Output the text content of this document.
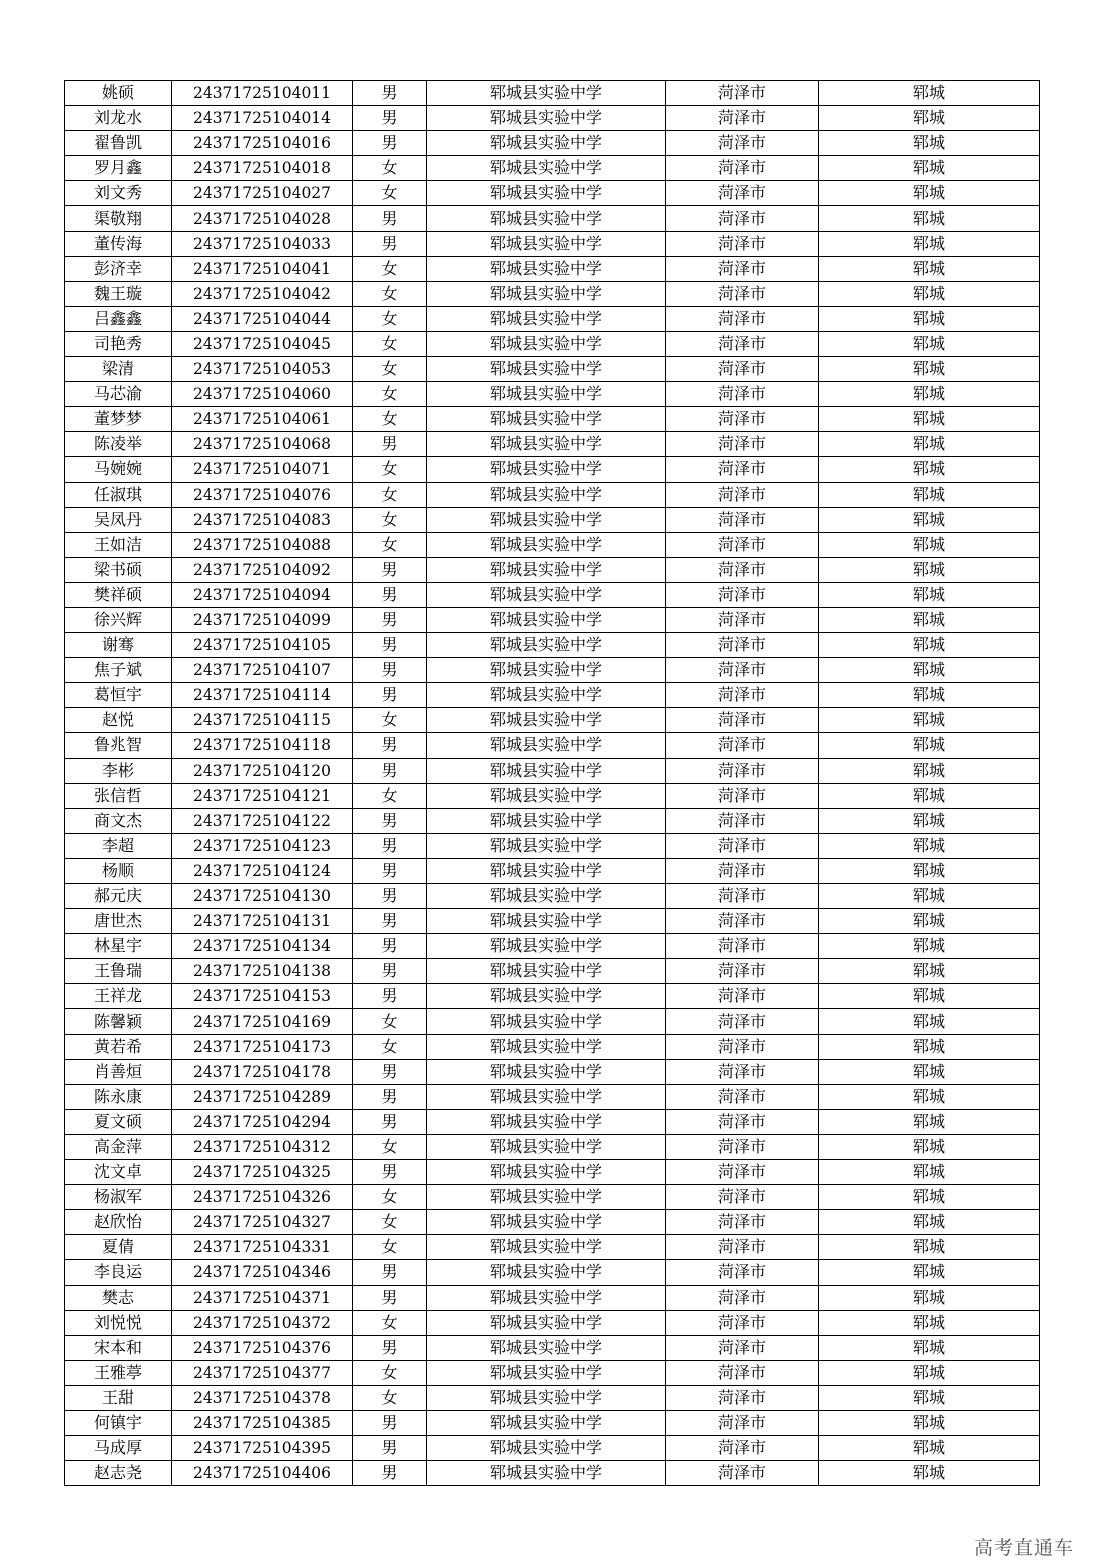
姚硕	24371725104011	男	郓城县实验中学	菏泽市	郓城
刘龙水	24371725104014	男	郓城县实验中学	菏泽市	郓城
翟鲁凯	24371725104016	男	郓城县实验中学	菏泽市	郓城
罗月鑫	24371725104018	女	郓城县实验中学	菏泽市	郓城
刘文秀	24371725104027	女	郓城县实验中学	菏泽市	郓城
渠敬翔	24371725104028	男	郓城县实验中学	菏泽市	郓城
董传海	24371725104033	男	郓城县实验中学	菏泽市	郓城
彭济幸	24371725104041	女	郓城县实验中学	菏泽市	郓城
魏王璇	24371725104042	女	郓城县实验中学	菏泽市	郓城
吕鑫鑫	24371725104044	女	郓城县实验中学	菏泽市	郓城
司艳秀	24371725104045	女	郓城县实验中学	菏泽市	郓城
梁清	24371725104053	女	郓城县实验中学	菏泽市	郓城
马芯渝	24371725104060	女	郓城县实验中学	菏泽市	郓城
董梦梦	24371725104061	女	郓城县实验中学	菏泽市	郓城
陈凌举	24371725104068	男	郓城县实验中学	菏泽市	郓城
马婉婉	24371725104071	女	郓城县实验中学	菏泽市	郓城
任淑琪	24371725104076	女	郓城县实验中学	菏泽市	郓城
吴凤丹	24371725104083	女	郓城县实验中学	菏泽市	郓城
王如洁	24371725104088	女	郓城县实验中学	菏泽市	郓城
梁书硕	24371725104092	男	郓城县实验中学	菏泽市	郓城
樊祥硕	24371725104094	男	郓城县实验中学	菏泽市	郓城
徐兴辉	24371725104099	男	郓城县实验中学	菏泽市	郓城
谢骞	24371725104105	男	郓城县实验中学	菏泽市	郓城
焦子斌	24371725104107	男	郓城县实验中学	菏泽市	郓城
葛恒宇	24371725104114	男	郓城县实验中学	菏泽市	郓城
赵悦	24371725104115	女	郓城县实验中学	菏泽市	郓城
鲁兆智	24371725104118	男	郓城县实验中学	菏泽市	郓城
李彬	24371725104120	男	郓城县实验中学	菏泽市	郓城
张信哲	24371725104121	女	郓城县实验中学	菏泽市	郓城
商文杰	24371725104122	男	郓城县实验中学	菏泽市	郓城
李超	24371725104123	男	郓城县实验中学	菏泽市	郓城
杨顺	24371725104124	男	郓城县实验中学	菏泽市	郓城
郝元庆	24371725104130	男	郓城县实验中学	菏泽市	郓城
唐世杰	24371725104131	男	郓城县实验中学	菏泽市	郓城
林星宇	24371725104134	男	郓城县实验中学	菏泽市	郓城
王鲁瑞	24371725104138	男	郓城县实验中学	菏泽市	郓城
王祥龙	24371725104153	男	郓城县实验中学	菏泽市	郓城
陈馨颖	24371725104169	女	郓城县实验中学	菏泽市	郓城
黄若希	24371725104173	女	郓城县实验中学	菏泽市	郓城
肖善烜	24371725104178	男	郓城县实验中学	菏泽市	郓城
陈永康	24371725104289	男	郓城县实验中学	菏泽市	郓城
夏文硕	24371725104294	男	郓城县实验中学	菏泽市	郓城
高金萍	24371725104312	女	郓城县实验中学	菏泽市	郓城
沈文卓	24371725104325	男	郓城县实验中学	菏泽市	郓城
杨淑军	24371725104326	女	郓城县实验中学	菏泽市	郓城
赵欣怡	24371725104327	女	郓城县实验中学	菏泽市	郓城
夏倩	24371725104331	女	郓城县实验中学	菏泽市	郓城
李良运	24371725104346	男	郓城县实验中学	菏泽市	郓城
樊志	24371725104371	男	郓城县实验中学	菏泽市	郓城
刘悦悦	24371725104372	女	郓城县实验中学	菏泽市	郓城
宋本和	24371725104376	男	郓城县实验中学	菏泽市	郓城
王雅葶	24371725104377	女	郓城县实验中学	菏泽市	郓城
王甜	24371725104378	女	郓城县实验中学	菏泽市	郓城
何镇宇	24371725104385	男	郓城县实验中学	菏泽市	郓城
马成厚	24371725104395	男	郓城县实验中学	菏泽市	郓城
赵志尧	24371725104406	男	郓城县实验中学	菏泽市	郓城
高考直通车
